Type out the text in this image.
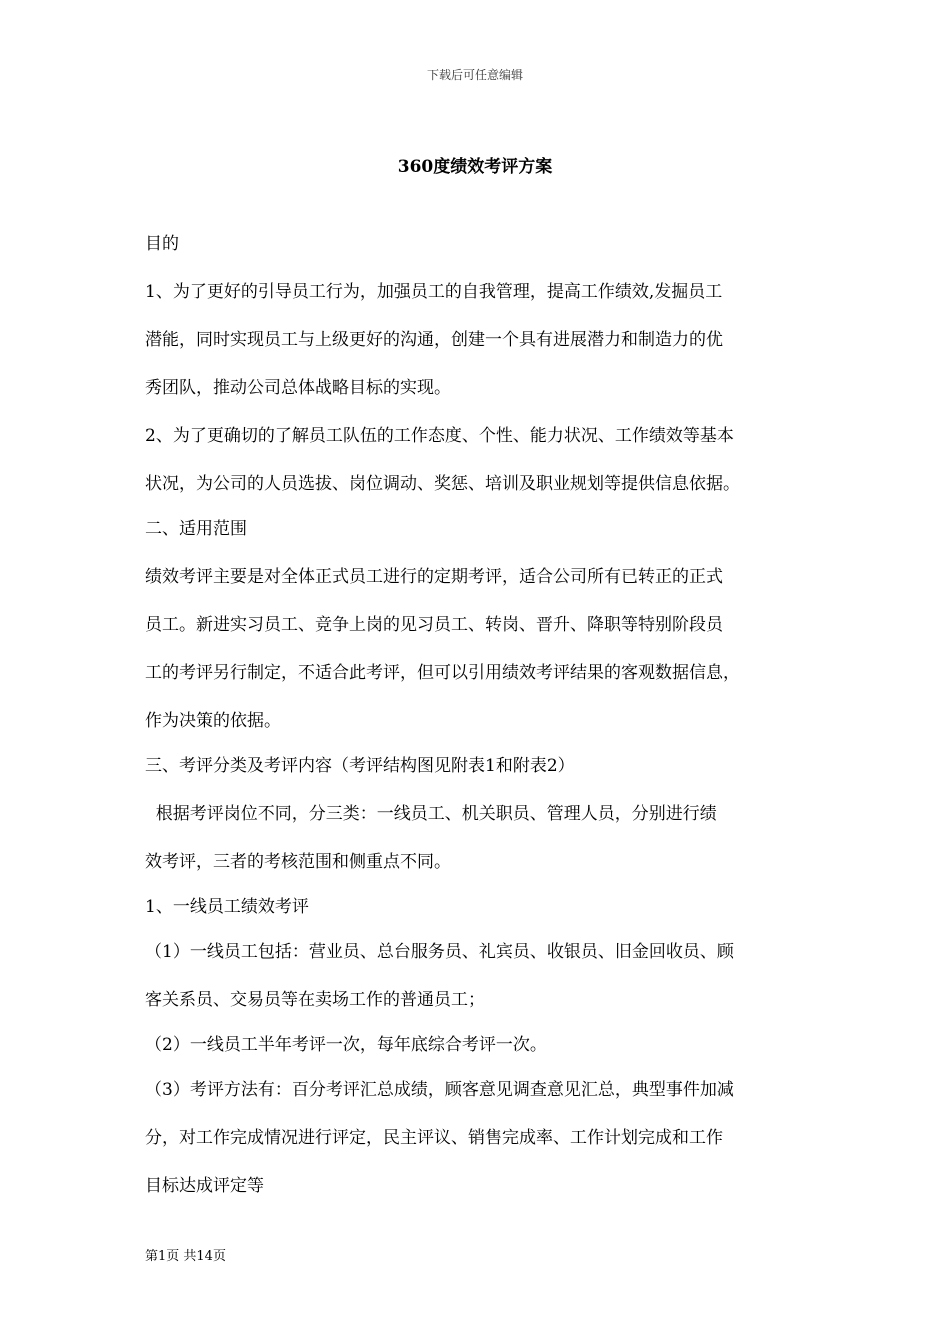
下载后可任意编辑
360度绩效考评方案
目的
1、为了更好的引导员工行为，加强员工的自我管理，提高工作绩效,发掘员工
潜能，同时实现员工与上级更好的沟通，创建一个具有进展潜力和制造力的优
秀团队，推动公司总体战略目标的实现。
2、为了更确切的了解员工队伍的工作态度、个性、能力状况、工作绩效等基本
状况，为公司的人员选拔、岗位调动、奖惩、培训及职业规划等提供信息依据。
二、适用范围
绩效考评主要是对全体正式员工进行的定期考评，适合公司所有已转正的正式
员工。新进实习员工、竞争上岗的见习员工、转岗、晋升、降职等特别阶段员
工的考评另行制定，不适合此考评，但可以引用绩效考评结果的客观数据信息，
作为决策的依据。
三、考评分类及考评内容（考评结构图见附表1和附表2）
根据考评岗位不同，分三类：一线员工、机关职员、管理人员，分别进行绩
效考评，三者的考核范围和侧重点不同。
1、一线员工绩效考评
（1）一线员工包括：营业员、总台服务员、礼宾员、收银员、旧金回收员、顾
客关系员、交易员等在卖场工作的普通员工；
（2）一线员工半年考评一次，每年底综合考评一次。
（3）考评方法有：百分考评汇总成绩，顾客意见调查意见汇总，典型事件加减
分，对工作完成情况进行评定，民主评议、销售完成率、工作计划完成和工作
目标达成评定等
第1页 共14页
